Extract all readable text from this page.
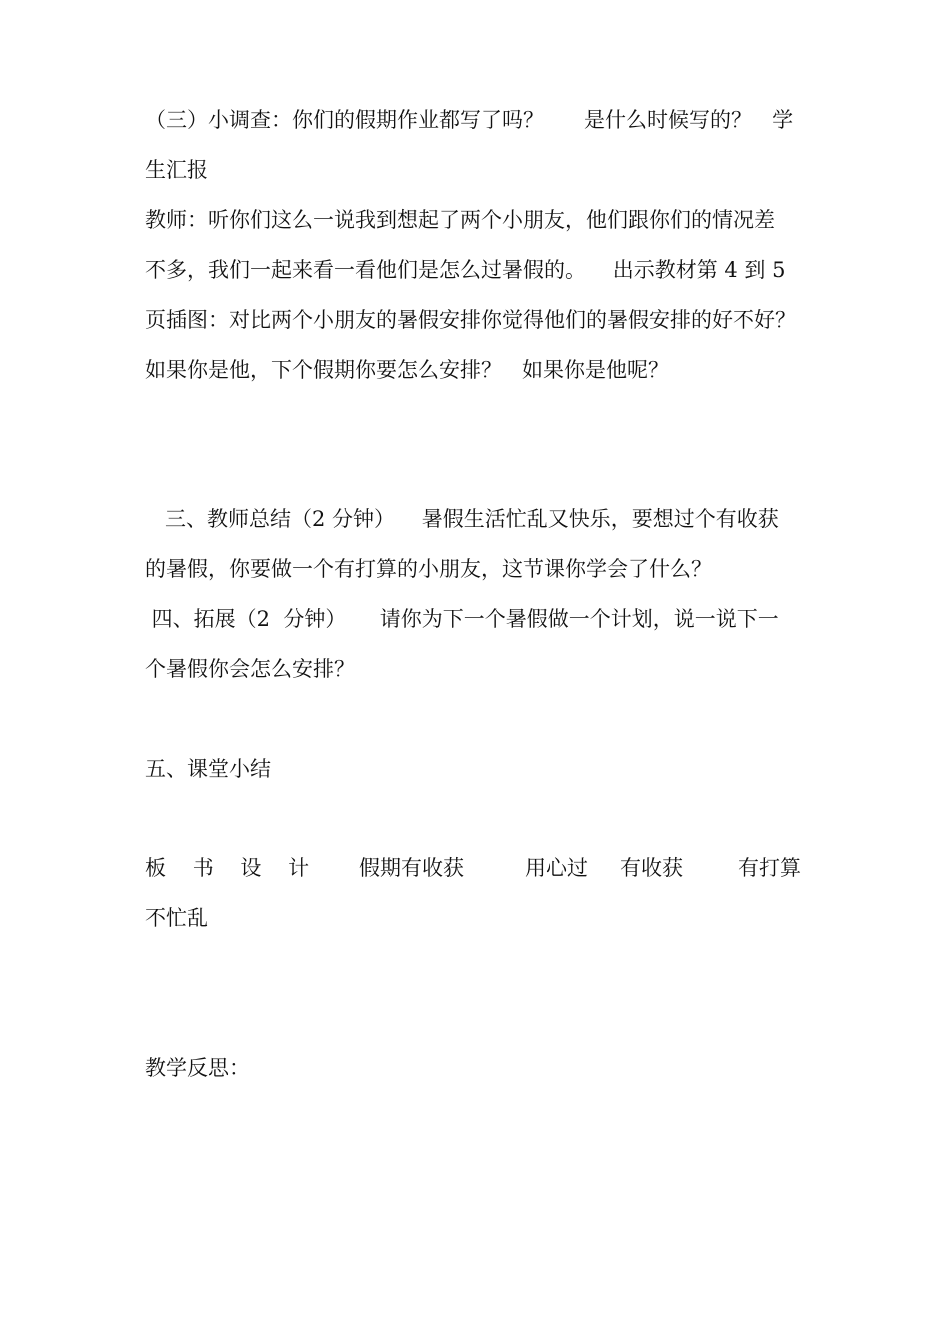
（三）小调查：你们的假期作业都写了吗？      是什么时候写的？   学
生汇报
教师：听你们这么一说我到想起了两个小朋友，他们跟你们的情况差
不多，我们一起来看一看他们是怎么过暑假的。    出示教材第 4 到 5
页插图：对比两个小朋友的暑假安排你觉得他们的暑假安排的好不好？
如果你是他，下个假期你要怎么安排？   如果你是他呢？
三、教师总结（2 分钟）    暑假生活忙乱又快乐，要想过个有收获
的暑假，你要做一个有打算的小朋友，这节课你学会了什么？
四、拓展（2  分钟）     请你为下一个暑假做一个计划，说一说下一
个暑假你会怎么安排？
五、课堂小结
板    书    设    计 假期有收获	用心过 有收获	有打算
不忙乱
教学反思：
